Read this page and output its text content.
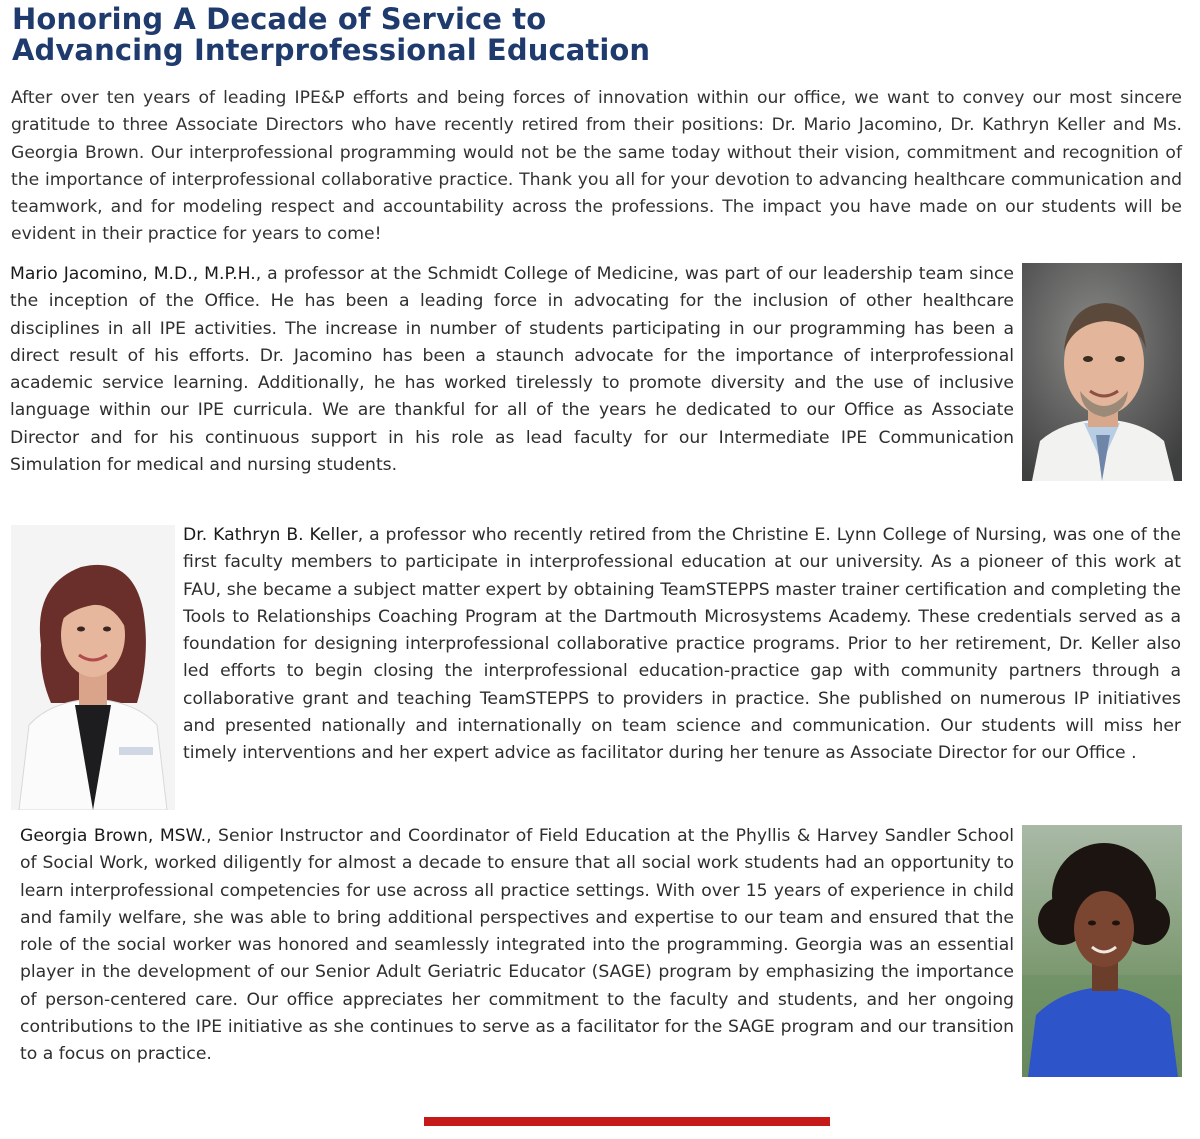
Honoring A Decade of Service to
Advancing Interprofessional Education

After over ten years of leading IPE&P efforts and being forces of innovation within our office, we want to convey our most sincere gratitude to three Associate Directors who have recently retired from their positions: Dr. Mario Jacomino, Dr. Kathryn Keller and Ms. Georgia Brown. Our interprofessional programming would not be the same today without their vision, commitment and recognition of the importance of interprofessional collaborative practice. Thank you all for your devotion to advancing healthcare communication and teamwork, and for modeling respect and accountability across the professions. The impact you have made on our students will be evident in their practice for years to come!

Mario Jacomino, M.D., M.P.H., a professor at the Schmidt College of Medicine, was part of our leadership team since the inception of the Office. He has been a leading force in advocating for the inclusion of other healthcare disciplines in all IPE activities. The increase in number of students participating in our programming has been a direct result of his efforts. Dr. Jacomino has been a staunch advocate for the importance of interprofessional academic service learning. Additionally, he has worked tirelessly to promote diversity and the use of inclusive language within our IPE curricula. We are thankful for all of the years he dedicated to our Office as Associate Director and for his continuous support in his role as lead faculty for our Intermediate IPE Communication Simulation for medical and nursing students.

Dr. Kathryn B. Keller, a professor who recently retired from the Christine E. Lynn College of Nursing, was one of the first faculty members to participate in interprofessional education at our university. As a pioneer of this work at FAU, she became a subject matter expert by obtaining TeamSTEPPS master trainer certification and completing the Tools to Relationships Coaching Program at the Dartmouth Microsystems Academy. These credentials served as a foundation for designing interprofessional collaborative practice programs. Prior to her retirement, Dr. Keller also led efforts to begin closing the interprofessional education-practice gap with community partners through a collaborative grant and teaching TeamSTEPPS to providers in practice. She published on numerous IP initiatives and presented nationally and internationally on team science and communication. Our students will miss her timely interventions and her expert advice as facilitator during her tenure as Associate Director for our Office .

Georgia Brown, MSW., Senior Instructor and Coordinator of Field Education at the Phyllis & Harvey Sandler School of Social Work, worked diligently for almost a decade to ensure that all social work students had an opportunity to learn interprofessional competencies for use across all practice settings. With over 15 years of experience in child and family welfare, she was able to bring additional perspectives and expertise to our team and ensured that the role of the social worker was honored and seamlessly integrated into the programming. Georgia was an essential player in the development of our Senior Adult Geriatric Educator (SAGE) program by emphasizing the importance of person-centered care. Our office appreciates her commitment to the faculty and students, and her ongoing contributions to the IPE initiative as she continues to serve as a facilitator for the SAGE program and our transition to a focus on practice.
